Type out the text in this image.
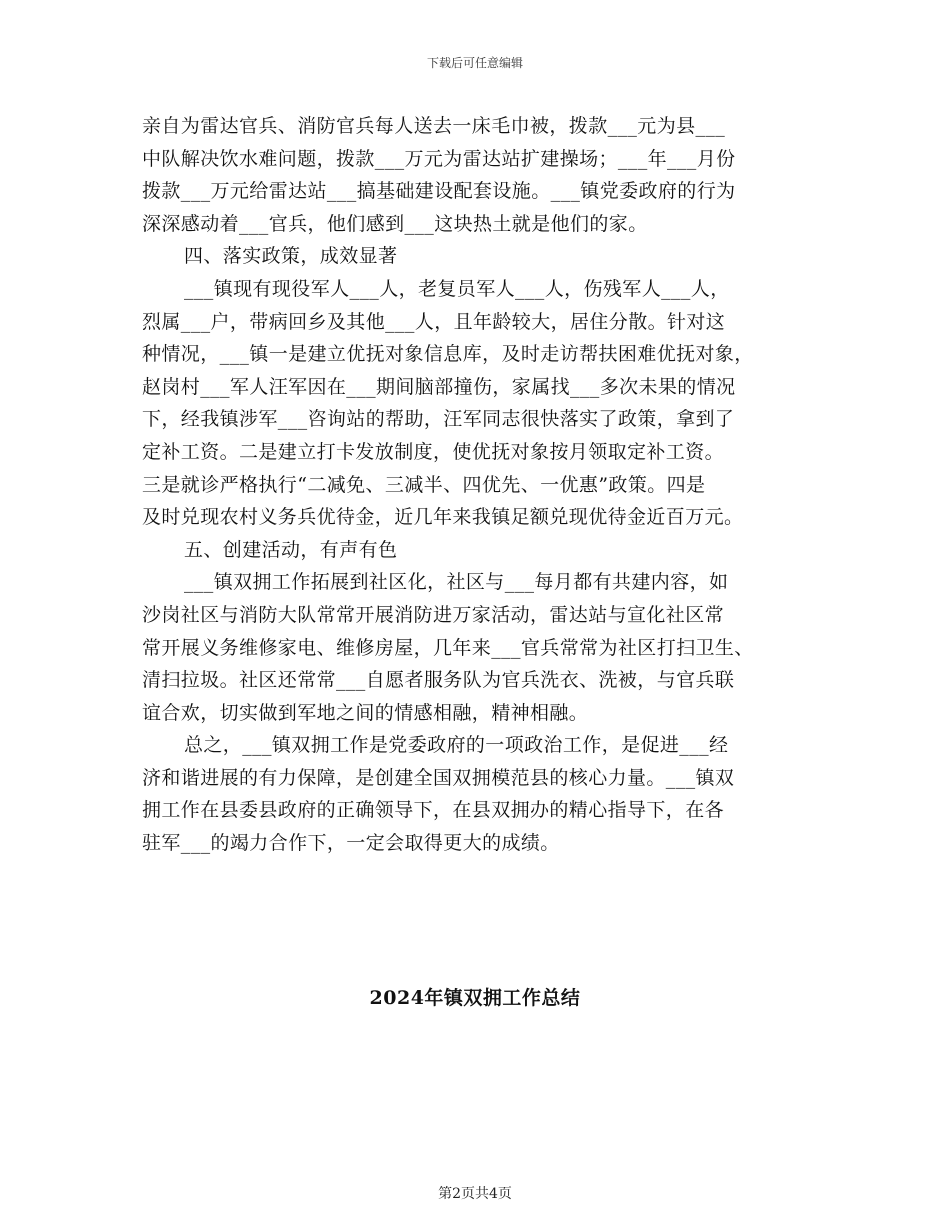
下载后可任意编辑
亲自为雷达官兵、消防官兵每人送去一床毛巾被，拨款___元为县___
中队解决饮水难问题，拨款___万元为雷达站扩建操场；___年___月份
拨款___万元给雷达站___搞基础建设配套设施。___镇党委政府的行为
深深感动着___官兵，他们感到___这块热土就是他们的家。
四、落实政策，成效显著
___镇现有现役军人___人，老复员军人___人，伤残军人___人，
烈属___户，带病回乡及其他___人，且年龄较大，居住分散。针对这
种情况，___镇一是建立优抚对象信息库，及时走访帮扶困难优抚对象，
赵岗村___军人汪军因在___期间脑部撞伤，家属找___多次未果的情况
下，经我镇涉军___咨询站的帮助，汪军同志很快落实了政策，拿到了
定补工资。二是建立打卡发放制度，使优抚对象按月领取定补工资。
三是就诊严格执行“二减免、三减半、四优先、一优惠”政策。四是
及时兑现农村义务兵优待金，近几年来我镇足额兑现优待金近百万元。
五、创建活动，有声有色
___镇双拥工作拓展到社区化，社区与___每月都有共建内容，如
沙岗社区与消防大队常常开展消防进万家活动，雷达站与宣化社区常
常开展义务维修家电、维修房屋，几年来___官兵常常为社区打扫卫生、
清扫拉圾。社区还常常___自愿者服务队为官兵洗衣、洗被，与官兵联
谊合欢，切实做到军地之间的情感相融，精神相融。
总之，___镇双拥工作是党委政府的一项政治工作，是促进___经
济和谐进展的有力保障，是创建全国双拥模范县的核心力量。___镇双
拥工作在县委县政府的正确领导下，在县双拥办的精心指导下，在各
驻军___的竭力合作下，一定会取得更大的成绩。
2024年镇双拥工作总结
第2页共4页
